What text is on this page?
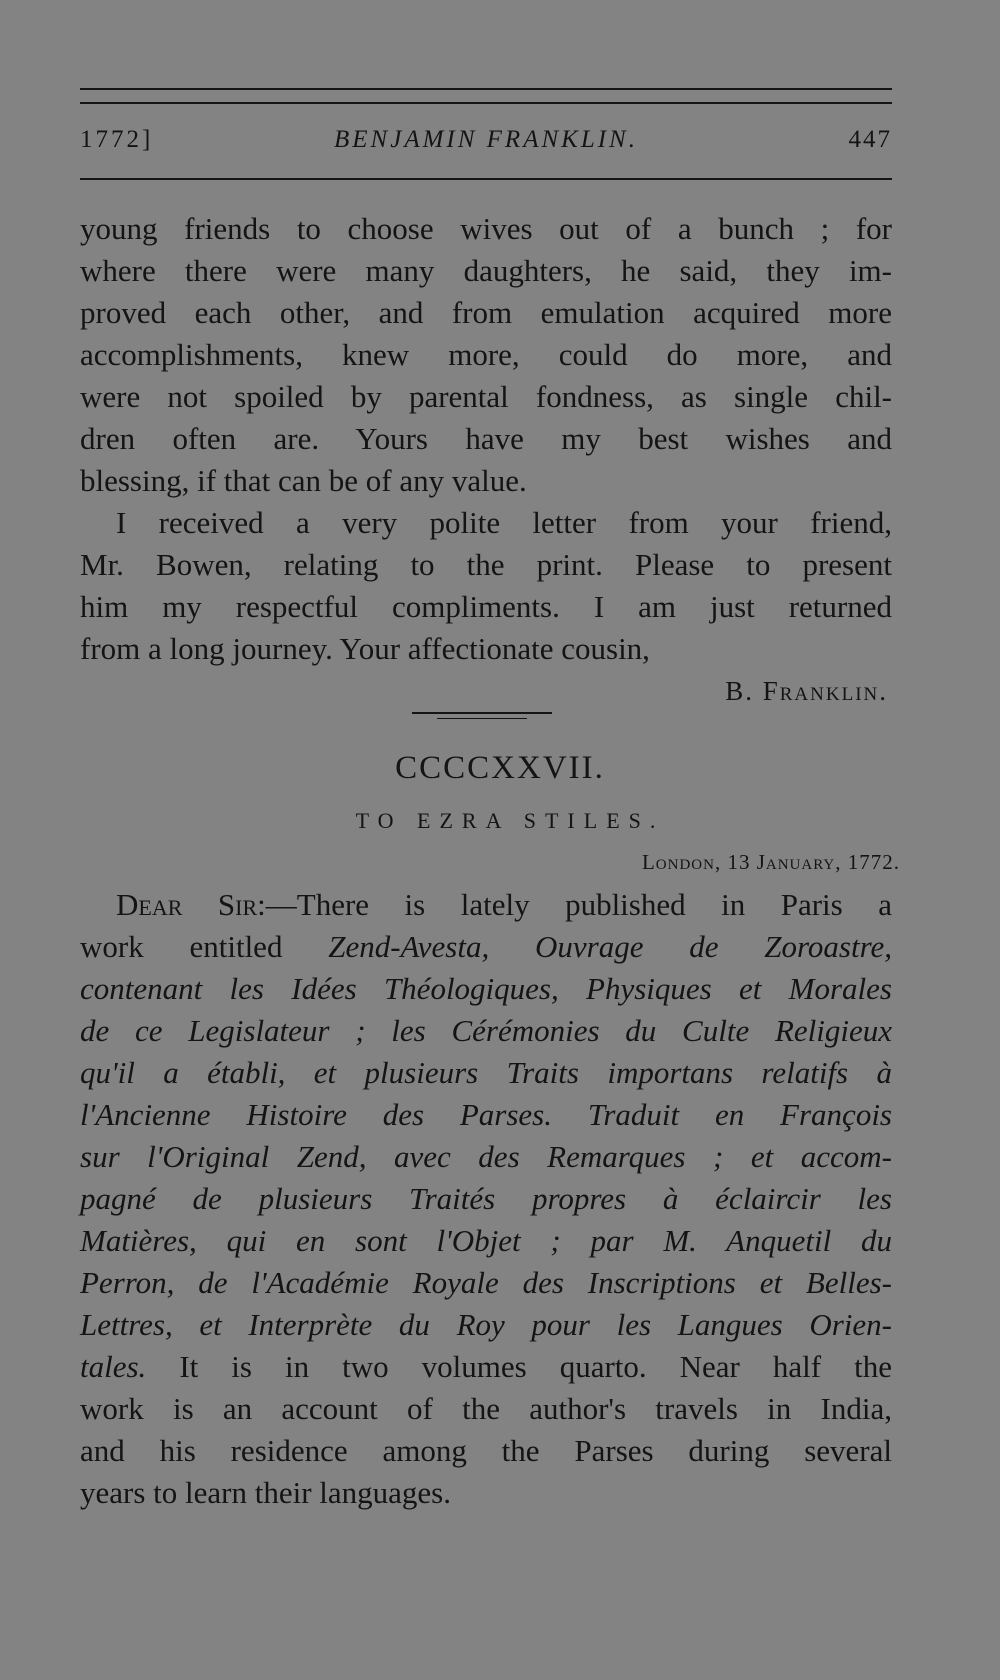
1772]	BENJAMIN FRANKLIN.	447
young friends to choose wives out of a bunch ; for
where there were many daughters, he said, they im-
proved each other, and from emulation acquired more
accomplishments, knew more, could do more, and
were not spoiled by parental fondness, as single chil-
dren often are. Yours have my best wishes and
blessing, if that can be of any value.
I received a very polite letter from your friend,
Mr. Bowen, relating to the print. Please to present
him my respectful compliments. I am just returned
from a long journey. Your affectionate cousin,
B. Franklin.
CCCCXXVII.
TO EZRA STILES.
London, 13 January, 1772.
Dear Sir:—There is lately published in Paris a
work entitled Zend-Avesta, Ouvrage de Zoroastre,
contenant les Idées Théologiques, Physiques et Morales
de ce Legislateur ; les Cérémonies du Culte Religieux
qu'il a établi, et plusieurs Traits importans relatifs à
l'Ancienne Histoire des Parses. Traduit en François
sur l'Original Zend, avec des Remarques ; et accom-
pagné de plusieurs Traités propres à éclaircir les
Matières, qui en sont l'Objet ; par M. Anquetil du
Perron, de l'Académie Royale des Inscriptions et Belles-
Lettres, et Interprète du Roy pour les Langues Orien-
tales. It is in two volumes quarto. Near half the
work is an account of the author's travels in India,
and his residence among the Parses during several
years to learn their languages.
